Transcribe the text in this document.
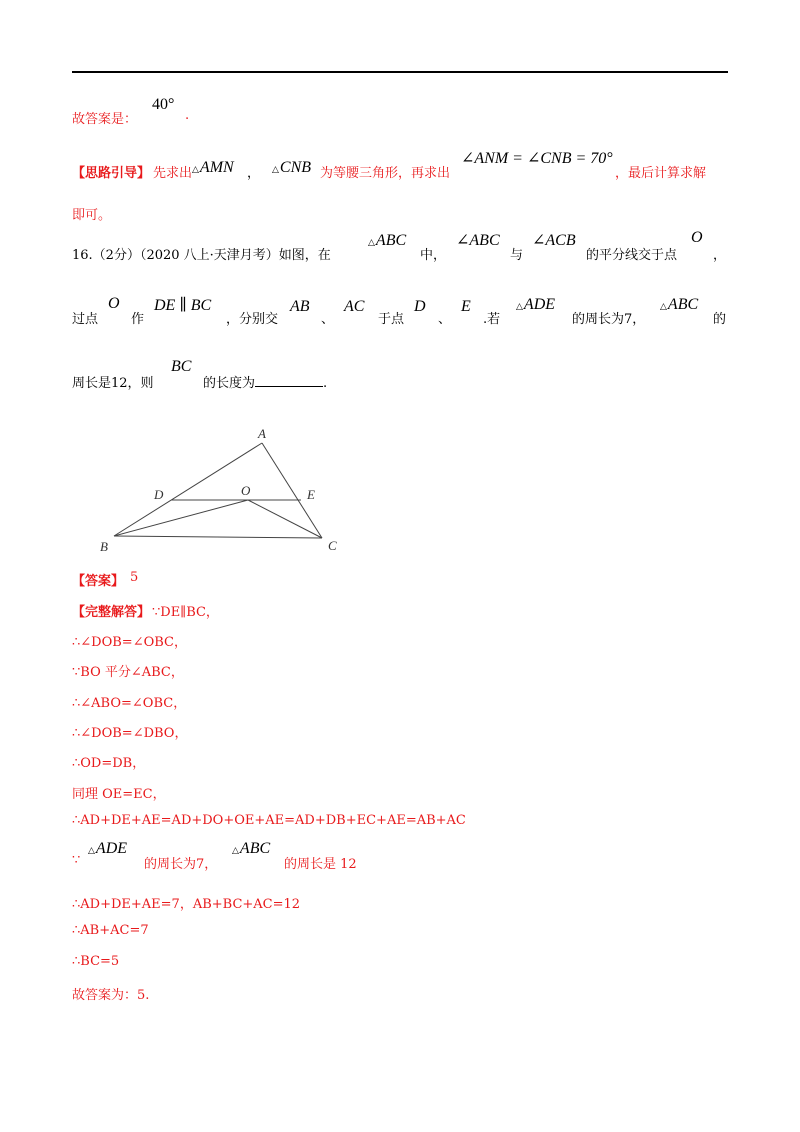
故答案是：
40°
.
【思路引导】 先求出 △AMN ， △CNB 为等腰三角形，再求出
∠ANM = ∠CNB = 70°
，最后计算求解
即可。
16.（2分）（2020 八上·天津月考）如图，在
△ABC
中，
∠ABC
与
∠ACB
的平分线交于点
O
，
过点
O
作
DE ∥ BC
，分别交
AB
、
AC
于点
D
、
E
.若
△ADE
的周长为7，
△ABC
的
周长是12，则
BC
的长度为	.
A
D	O	E
B	C
【答案】 5
【完整解答】 ∵DE∥BC，
∴∠DOB=∠OBC，
∵BO 平分∠ABC，
∴∠ABO=∠OBC，
∴∠DOB=∠DBO，
∴OD=DB，
同理 OE=EC，
∴AD+DE+AE=AD+DO+OE+AE=AD+DB+EC+AE=AB+AC
∵
△ADE
的周长为7，
△ABC
的周长是 12
∴AD+DE+AE=7，AB+BC+AC=12
∴AB+AC=7
∴BC=5
故答案为：5.
